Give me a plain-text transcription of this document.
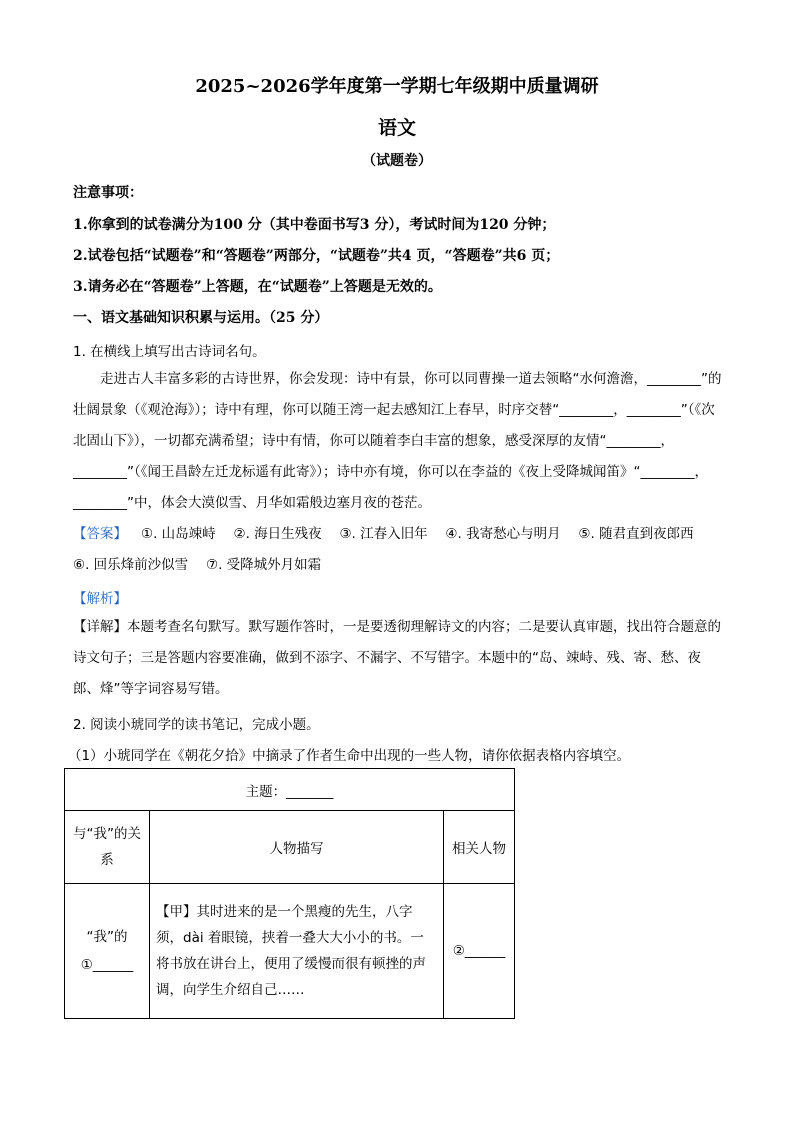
2025~2026学年度第一学期七年级期中质量调研
语文
（试题卷）
注意事项：
1.你拿到的试卷满分为100 分（其中卷面书写3 分），考试时间为120 分钟；
2.试卷包括“试题卷”和“答题卷”两部分，“试题卷”共4 页，“答题卷”共6 页；
3.请务必在“答题卷”上答题，在“试题卷”上答题是无效的。
一、语文基础知识积累与运用。（25 分）
1. 在横线上填写出古诗词名句。
走进古人丰富多彩的古诗世界，你会发现：诗中有景，你可以同曹操一道去领略“水何澹澹，________”的壮阔景象（《观沧海》）；诗中有理，你可以随王湾一起去感知江上春早，时序交替“________，________”（《次北固山下》），一切都充满希望；诗中有情，你可以随着李白丰富的想象，感受深厚的友情“________，________”（《闻王昌龄左迁龙标遥有此寄》）；诗中亦有境，你可以在李益的《夜上受降城闻笛》“________，________”中，体会大漠似雪、月华如霜般边塞月夜的苍茫。
【答案】 ①. 山岛竦峙　 ②. 海日生残夜　 ③. 江春入旧年　 ④. 我寄愁心与明月　 ⑤. 随君直到夜郎西　 ⑥. 回乐烽前沙似雪　 ⑦. 受降城外月如霜
【解析】
【详解】本题考查名句默写。默写题作答时，一是要透彻理解诗文的内容；二是要认真审题，找出符合题意的诗文句子；三是答题内容要准确，做到不添字、不漏字、不写错字。本题中的“岛、竦峙、残、寄、愁、夜郎、烽”等字词容易写错。
2. 阅读小琥同学的读书笔记，完成小题。
（1）小琥同学在《朝花夕拾》中摘录了作者生命中出现的一些人物，请你依据表格内容填空。
主题：_______		
与“我”的关系	人物描写	相关人物
“我”的①______	【甲】其时进来的是一个黑瘦的先生，八字须，dài 着眼镜，挟着一叠大大小小的书。一将书放在讲台上，便用了缓慢而很有顿挫的声调，向学生介绍自己……	②______
